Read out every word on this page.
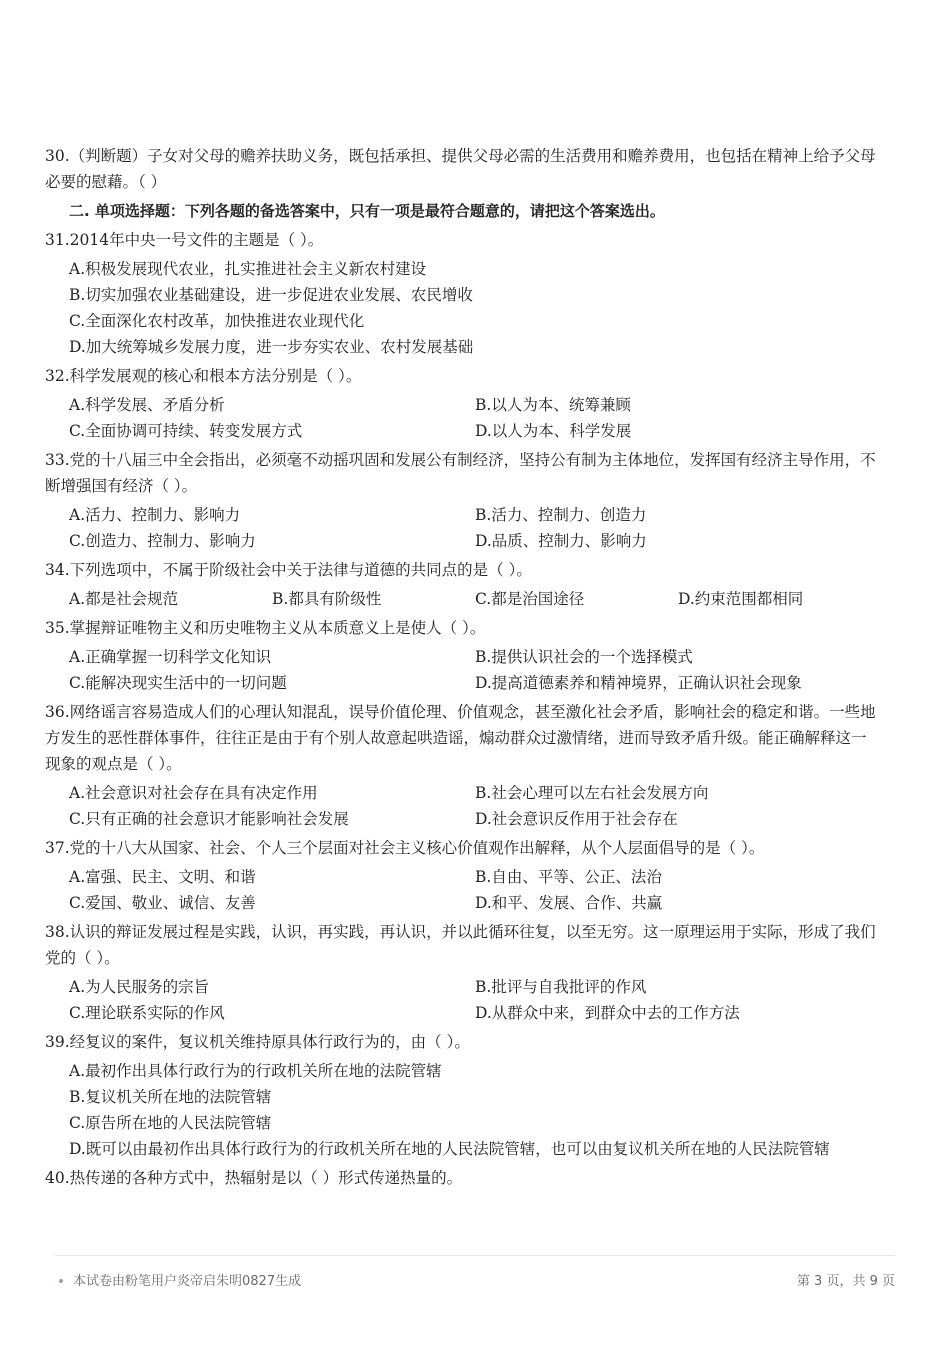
30.（判断题）子女对父母的赡养扶助义务，既包括承担、提供父母必需的生活费用和赡养费用，也包括在精神上给予父母必要的慰藉。（ ）
二. 单项选择题：下列各题的备选答案中，只有一项是最符合题意的，请把这个答案选出。
31.2014年中央一号文件的主题是（ ）。
A.积极发展现代农业，扎实推进社会主义新农村建设
B.切实加强农业基础建设，进一步促进农业发展、农民增收
C.全面深化农村改革，加快推进农业现代化
D.加大统筹城乡发展力度，进一步夯实农业、农村发展基础
32.科学发展观的核心和根本方法分别是（ ）。
A.科学发展、矛盾分析	B.以人为本、统筹兼顾
C.全面协调可持续、转变发展方式	D.以人为本、科学发展
33.党的十八届三中全会指出，必须毫不动摇巩固和发展公有制经济，坚持公有制为主体地位，发挥国有经济主导作用，不断增强国有经济（ ）。
A.活力、控制力、影响力	B.活力、控制力、创造力
C.创造力、控制力、影响力	D.品质、控制力、影响力
34.下列选项中，不属于阶级社会中关于法律与道德的共同点的是（ ）。
A.都是社会规范	B.都具有阶级性	C.都是治国途径	D.约束范围都相同
35.掌握辩证唯物主义和历史唯物主义从本质意义上是使人（ ）。
A.正确掌握一切科学文化知识	B.提供认识社会的一个选择模式
C.能解决现实生活中的一切问题	D.提高道德素养和精神境界，正确认识社会现象
36.网络谣言容易造成人们的心理认知混乱，误导价值伦理、价值观念，甚至激化社会矛盾，影响社会的稳定和谐。一些地方发生的恶性群体事件，往往正是由于有个别人故意起哄造谣，煽动群众过激情绪，进而导致矛盾升级。能正确解释这一现象的观点是（ ）。
A.社会意识对社会存在具有决定作用	B.社会心理可以左右社会发展方向
C.只有正确的社会意识才能影响社会发展	D.社会意识反作用于社会存在
37.党的十八大从国家、社会、个人三个层面对社会主义核心价值观作出解释，从个人层面倡导的是（ ）。
A.富强、民主、文明、和谐	B.自由、平等、公正、法治
C.爱国、敬业、诚信、友善	D.和平、发展、合作、共赢
38.认识的辩证发展过程是实践，认识，再实践，再认识，并以此循环往复，以至无穷。这一原理运用于实际，形成了我们党的（ ）。
A.为人民服务的宗旨	B.批评与自我批评的作风
C.理论联系实际的作风	D.从群众中来，到群众中去的工作方法
39.经复议的案件，复议机关维持原具体行政行为的，由（ ）。
A.最初作出具体行政行为的行政机关所在地的法院管辖
B.复议机关所在地的法院管辖
C.原告所在地的人民法院管辖
D.既可以由最初作出具体行政行为的行政机关所在地的人民法院管辖，也可以由复议机关所在地的人民法院管辖
40.热传递的各种方式中，热辐射是以（ ）形式传递热量的。
本试卷由粉笔用户炎帝启朱明0827生成	第 3 页，共 9 页
